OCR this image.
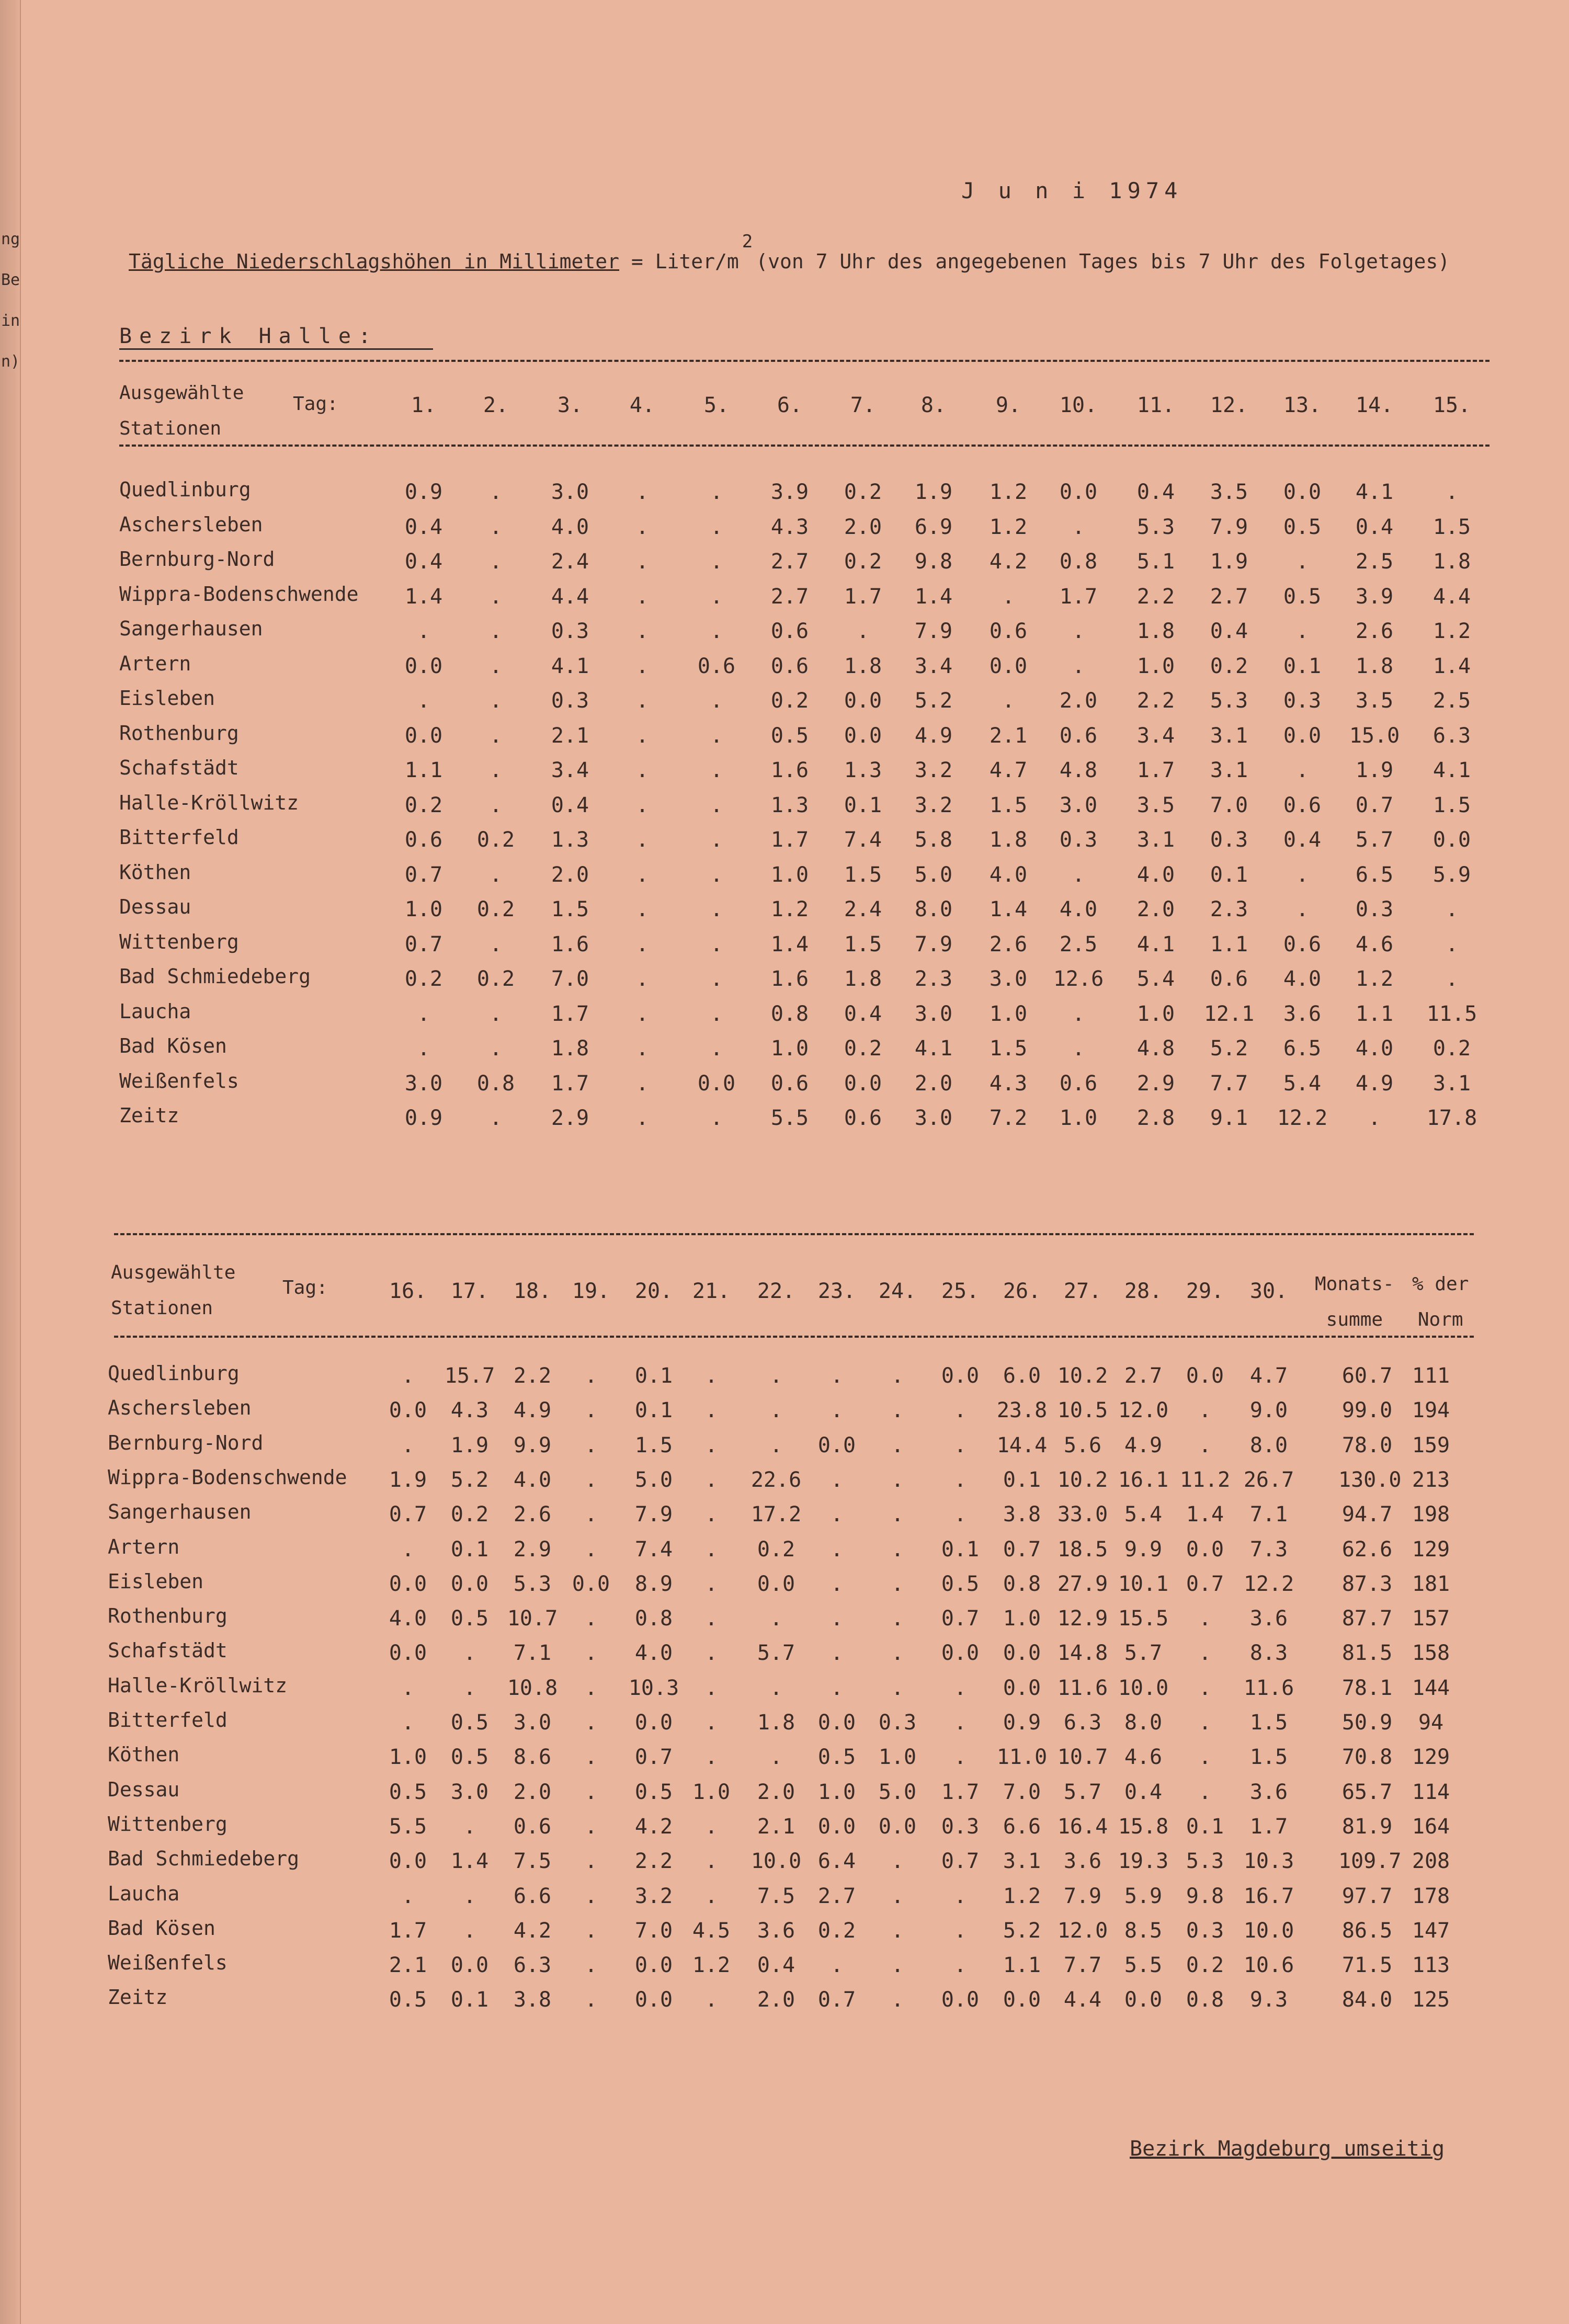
ng
Be
in
n)
J u n i 1974
Tägliche Niederschlagshöhen in Millimeter = Liter/m2(von 7 Uhr des angegebenen Tages bis 7 Uhr des Folgetages)
Bezirk Halle:
Ausgewählte
Stationen
Tag:	1.	2.	3.	4.	5.	6.	7.	8.	9.	10. 11. 12. 13. 14. 15.
Quedlinburg	0.9	.	3.0	.	.	3.9	0.2	1.9	1.2	0.0	0.4	3.5	0.0	4.1	.
Aschersleben	0.4	.	4.0	.	.	4.3	2.0	6.9	1.2	.	5.3	7.9	0.5	0.4	1.5
Bernburg-Nord	0.4	.	2.4	.	.	2.7	0.2	9.8	4.2	0.8	5.1	1.9	.	2.5	1.8
Wippra-Bodenschwende	1.4	.	4.4	.	.	2.7	1.7	1.4	.	1.7	2.2	2.7	0.5	3.9	4.4
Sangerhausen	.	.	0.3	.	.	0.6	.	7.9	0.6	.	1.8	0.4	.	2.6	1.2
Artern	0.0	.	4.1	.	0.6	0.6	1.8	3.4	0.0	.	1.0	0.2	0.1	1.8	1.4
Eisleben	.	.	0.3	.	.	0.2	0.0	5.2	.	2.0	2.2	5.3	0.3	3.5	2.5
Rothenburg	0.0	.	2.1	.	.	0.5	0.0	4.9	2.1	0.6	3.4	3.1	0.0	15.0	6.3
Schafstädt	1.1	.	3.4	.	.	1.6	1.3	3.2	4.7	4.8	1.7	3.1	.	1.9	4.1
Halle-Kröllwitz	0.2	.	0.4	.	.	1.3	0.1	3.2	1.5	3.0	3.5	7.0	0.6	0.7	1.5
Bitterfeld	0.6	0.2	1.3	.	.	1.7	7.4	5.8	1.8	0.3	3.1	0.3	0.4	5.7	0.0
Köthen	0.7	.	2.0	.	.	1.0	1.5	5.0	4.0	.	4.0	0.1	.	6.5	5.9
Dessau	1.0	0.2	1.5	.	.	1.2	2.4	8.0	1.4	4.0	2.0	2.3	.	0.3	.
Wittenberg	0.7	.	1.6	.	.	1.4	1.5	7.9	2.6	2.5	4.1	1.1	0.6	4.6	.
Bad Schmiedeberg	0.2	0.2	7.0	.	.	1.6	1.8	2.3	3.0	12.6	5.4	0.6	4.0	1.2	.
Laucha	.	.	1.7	.	.	0.8	0.4	3.0	1.0	.	1.0	12.1	3.6	1.1	11.5
Bad Kösen	.	.	1.8	.	.	1.0	0.2	4.1	1.5	.	4.8	5.2	6.5	4.0	0.2
Weißenfels	3.0	0.8	1.7	.	0.0	0.6	0.0	2.0	4.3	0.6	2.9	7.7	5.4	4.9	3.1
Zeitz	0.9	.	2.9	.	.	5.5	0.6	3.0	7.2	1.0	2.8	9.1	12.2	.	17.8
Ausgewählte
Stationen
Tag:	16. 17. 18. 19. 20. 21. 22. 23. 24. 25. 26. 27. 28. 29. 30. Monats-
summe
% der
Norm
Quedlinburg	.	15.7 2.2	.	0.1	.	.	.	.	0.0	6.0 10.2 2.7	0.0	4.7	60.7 111
Aschersleben	0.0	4.3	4.9	.	0.1	.	.	.	.	.	23.8 10.5 12.0	.	9.0	99.0 194
Bernburg-Nord	.	1.9	9.9	.	1.5	.	.	0.0	.	.	14.4 5.6	4.9	.	8.0	78.0 159
Wippra-Bodenschwende	1.9	5.2	4.0	.	5.0	.	22.6	.	.	.	0.1 10.2 16.1 11.2 26.7 130.0 213
Sangerhausen	0.7	0.2	2.6	.	7.9	.	17.2	.	.	.	3.8 33.0 5.4	1.4	7.1	94.7 198
Artern	.	0.1	2.9	.	7.4	.	0.2	.	.	0.1	0.7 18.5 9.9	0.0	7.3	62.6 129
Eisleben	0.0	0.0	5.3 0.0	8.9	.	0.0	.	.	0.5	0.8 27.9 10.1 0.7 12.2 87.3 181
Rothenburg	4.0	0.5 10.7	.	0.8	.	.	.	.	0.7	1.0 12.9 15.5	.	3.6	87.7 157
Schafstädt	0.0	.	7.1	.	4.0	.	5.7	.	.	0.0	0.0 14.8 5.7	.	8.3	81.5 158
Halle-Kröllwitz	.	.	10.8	.	10.3	.	.	.	.	.	0.0 11.6 10.0	.	11.6 78.1 144
Bitterfeld	.	0.5	3.0	.	0.0	.	1.8	0.0	0.3	.	0.9	6.3	8.0	.	1.5	50.9	94
Köthen	1.0	0.5	8.6	.	0.7	.	.	0.5	1.0	.	11.0 10.7 4.6	.	1.5	70.8 129
Dessau	0.5	3.0	2.0	.	0.5 1.0	2.0	1.0	5.0	1.7	7.0	5.7	0.4	.	3.6	65.7 114
Wittenberg	5.5	.	0.6	.	4.2	.	2.1	0.0	0.0	0.3	6.6 16.4 15.8 0.1	1.7	81.9 164
Bad Schmiedeberg	0.0	1.4	7.5	.	2.2	.	10.0 6.4	.	0.7	3.1	3.6 19.3 5.3 10.3 109.7 208
Laucha	.	.	6.6	.	3.2	.	7.5	2.7	.	.	1.2	7.9	5.9	9.8 16.7 97.7 178
Bad Kösen	1.7	.	4.2	.	7.0 4.5	3.6	0.2	.	.	5.2 12.0 8.5	0.3 10.0 86.5 147
Weißenfels	2.1	0.0	6.3	.	0.0 1.2	0.4	.	.	.	1.1	7.7	5.5	0.2 10.6 71.5 113
Zeitz	0.5	0.1	3.8	.	0.0	.	2.0	0.7	.	0.0	0.0	4.4	0.0	0.8	9.3	84.0 125
Bezirk Magdeburg umseitig
